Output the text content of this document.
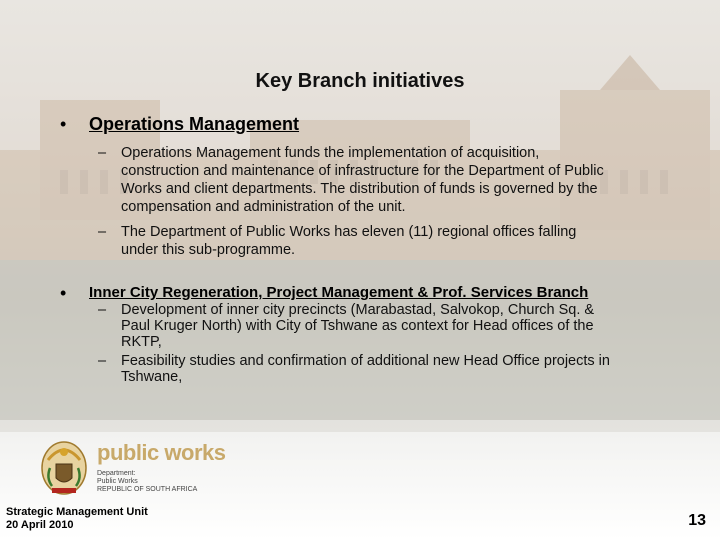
Key Branch initiatives
• Operations Management
– Operations Management funds the implementation of acquisition,
construction and maintenance of infrastructure for the Department of Public
Works and client departments. The distribution of funds is governed by the
compensation and administration of the unit.
– The Department of Public Works has eleven (11) regional offices falling
under this sub-programme.
• Inner City Regeneration, Project Management & Prof. Services Branch
– Development of inner city precincts (Marabastad, Salvokop, Church Sq. &
Paul Kruger North) with City of Tshwane as context for Head offices of the
RKTP,
– Feasibility studies and confirmation of additional new Head Office projects in
Tshwane,
public works
Department:
Public Works
REPUBLIC OF SOUTH AFRICA
Strategic Management Unit
20 April 2010	13
